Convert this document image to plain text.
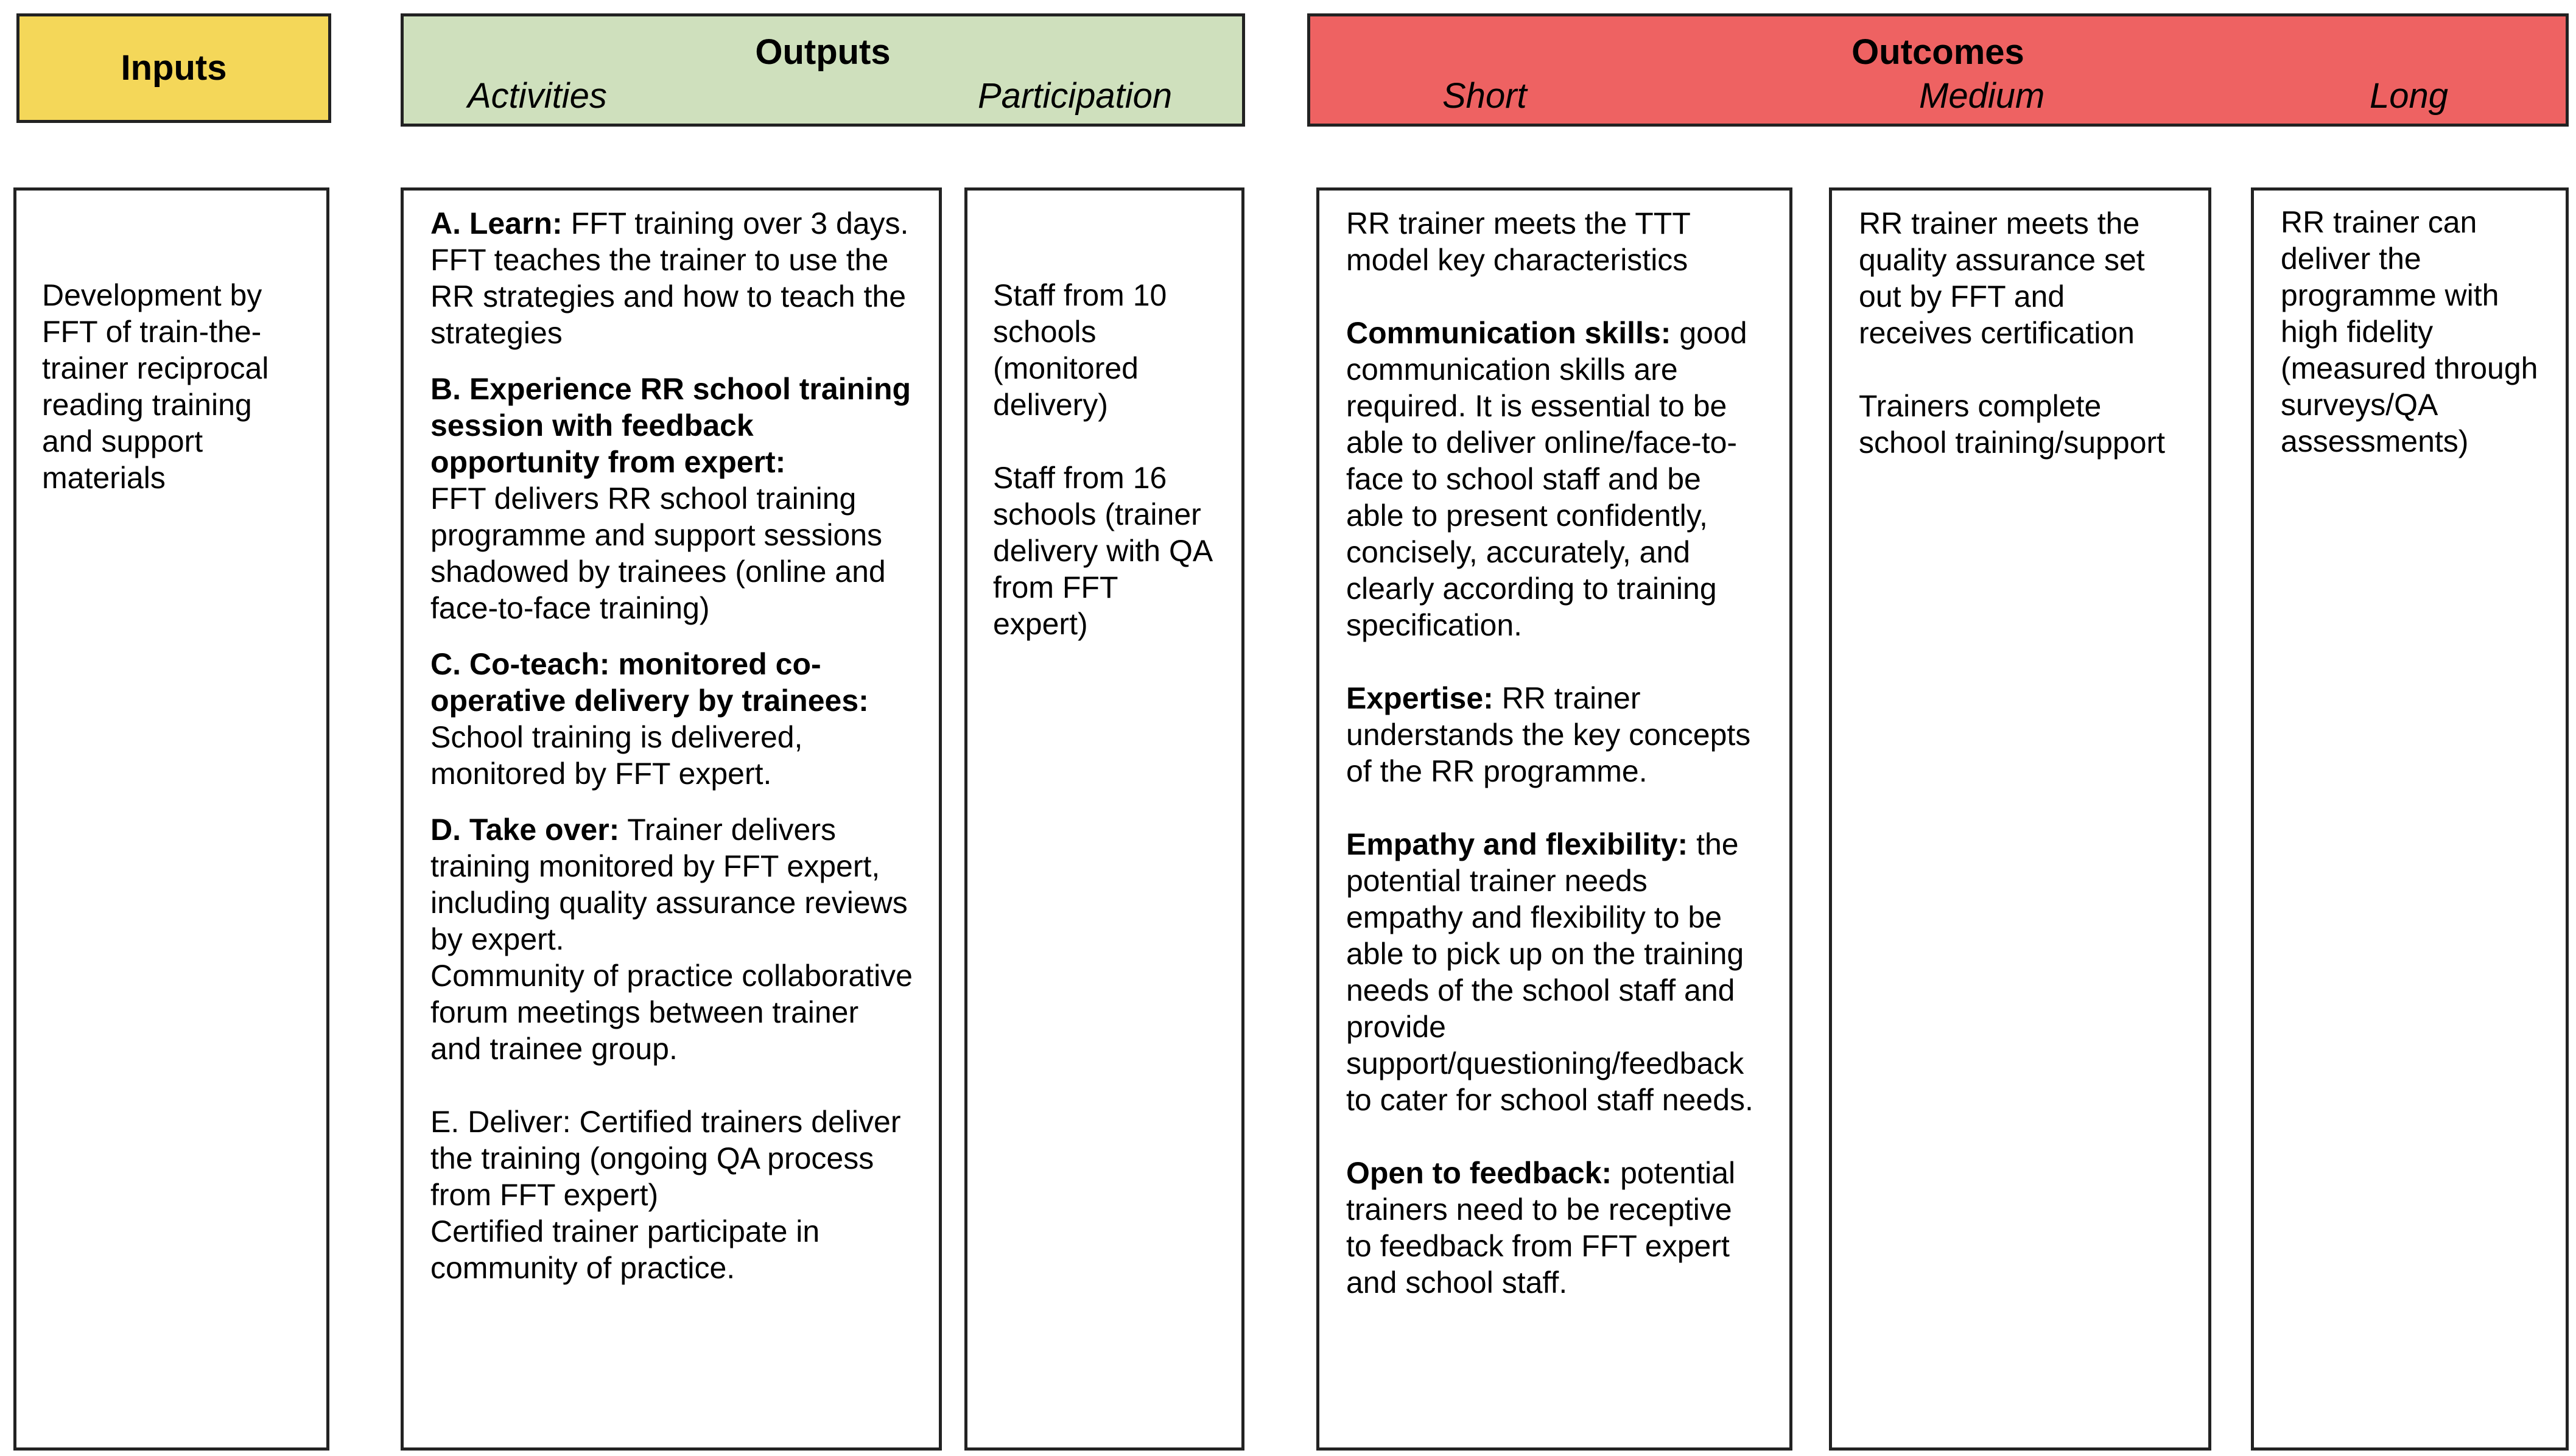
Inputs	Outputs
Activities	Participation
Outcomes
Short	Medium	Long

Development by FFT of train-the-trainer reciprocal reading training and support materials

A. Learn: FFT training over 3 days. FFT teaches the trainer to use the RR strategies and how to teach the strategies

B. Experience RR school training session with feedback opportunity from expert:
FFT delivers RR school training programme and support sessions shadowed by trainees (online and face-to-face training)

C. Co-teach: monitored co-operative delivery by trainees:
School training is delivered, monitored by FFT expert.

D. Take over: Trainer delivers training monitored by FFT expert, including quality assurance reviews by expert.
Community of practice collaborative forum meetings between trainer and trainee group.

E. Deliver: Certified trainers deliver the training (ongoing QA process from FFT expert)
Certified trainer participate in community of practice.

Staff from 10 schools (monitored delivery)

Staff from 16 schools (trainer delivery with QA from FFT expert)

RR trainer meets the TTT model key characteristics

Communication skills: good communication skills are required. It is essential to be able to deliver online/face-to-face to school staff and be able to present confidently, concisely, accurately, and clearly according to training specification.

Expertise: RR trainer understands the key concepts of the RR programme.

Empathy and flexibility: the potential trainer needs empathy and flexibility to be able to pick up on the training needs of the school staff and provide support/questioning/feedback to cater for school staff needs.

Open to feedback: potential trainers need to be receptive to feedback from FFT expert and school staff.

RR trainer meets the quality assurance set out by FFT and receives certification

Trainers complete school training/support

RR trainer can deliver the programme with high fidelity (measured through surveys/QA assessments)
